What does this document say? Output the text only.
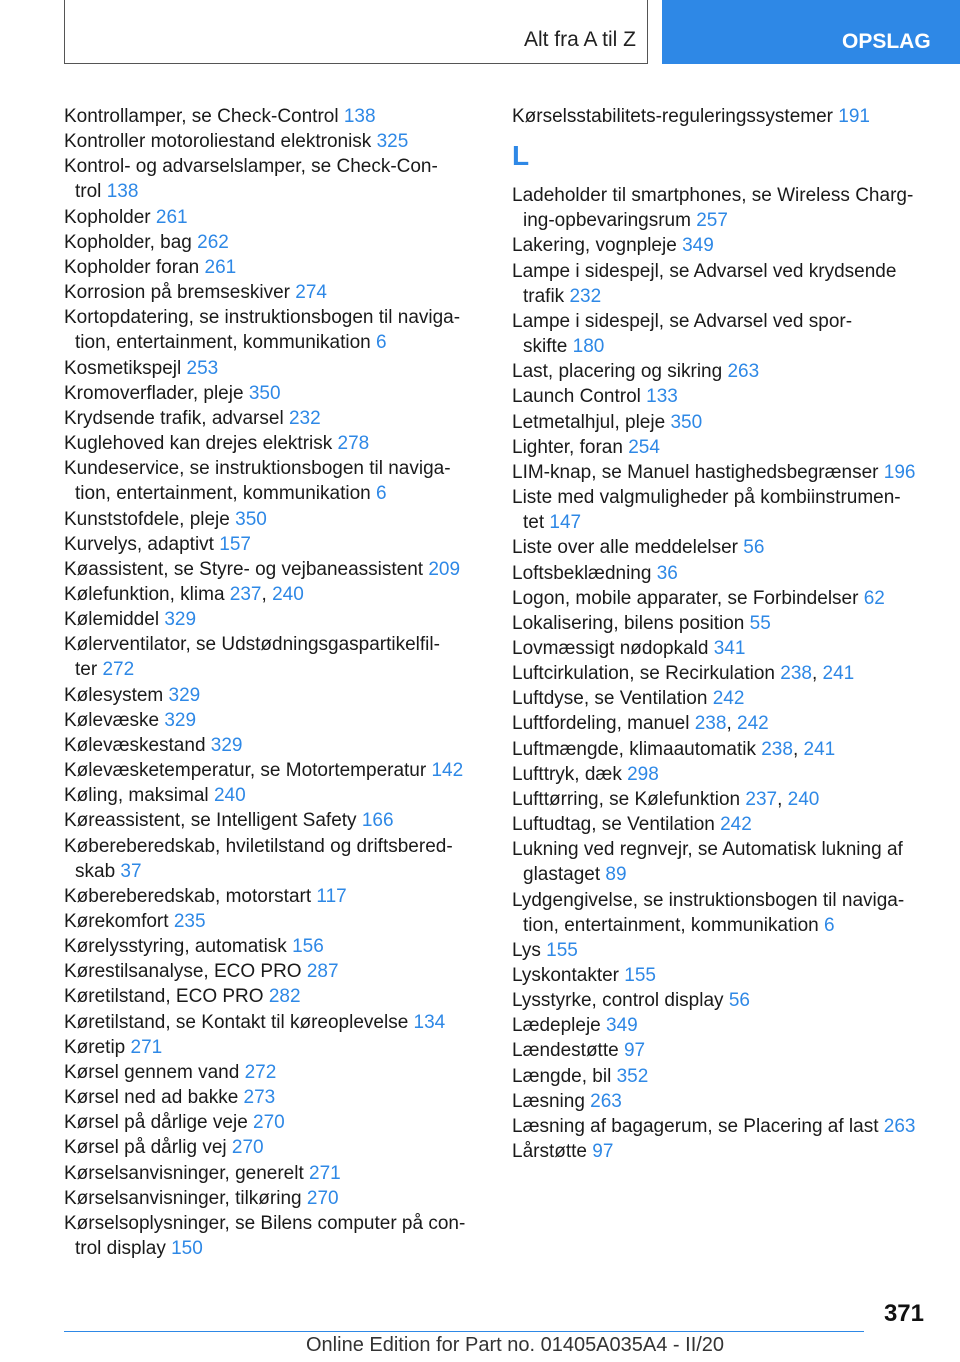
Alt fra A til Z	OPSLAG
Kontrollamper, se Check-Control 138
Kontroller motoroliestand elektronisk 325
Kontrol- og advarselslamper, se Check-Con-
trol 138
Kopholder 261
Kopholder, bag 262
Kopholder foran 261
Korrosion på bremseskiver 274
Kortopdatering, se instruktionsbogen til naviga-
tion, entertainment, kommunikation 6
Kosmetikspejl 253
Kromoverflader, pleje 350
Krydsende trafik, advarsel 232
Kuglehoved kan drejes elektrisk 278
Kundeservice, se instruktionsbogen til naviga-
tion, entertainment, kommunikation 6
Kunststofdele, pleje 350
Kurvelys, adaptivt 157
Køassistent, se Styre- og vejbaneassistent 209
Kølefunktion, klima 237, 240
Kølemiddel 329
Kølerventilator, se Udstødningsgaspartikelfil-
ter 272
Kølesystem 329
Kølevæske 329
Kølevæskestand 329
Kølevæsketemperatur, se Motortemperatur 142
Køling, maksimal 240
Køreassistent, se Intelligent Safety 166
Købereberedskab, hviletilstand og driftsbered-
skab 37
Købereberedskab, motorstart 117
Kørekomfort 235
Kørelysstyring, automatisk 156
Kørestilsanalyse, ECO PRO 287
Køretilstand, ECO PRO 282
Køretilstand, se Kontakt til køreoplevelse 134
Køretip 271
Kørsel gennem vand 272
Kørsel ned ad bakke 273
Kørsel på dårlige veje 270
Kørsel på dårlig vej 270
Kørselsanvisninger, generelt 271
Kørselsanvisninger, tilkøring 270
Kørselsoplysninger, se Bilens computer på con-
trol display 150
Kørselsstabilitets-reguleringssystemer 191
L
Ladeholder til smartphones, se Wireless Charg-
ing-opbevaringsrum 257
Lakering, vognpleje 349
Lampe i sidespejl, se Advarsel ved krydsende
trafik 232
Lampe i sidespejl, se Advarsel ved spor-
skifte 180
Last, placering og sikring 263
Launch Control 133
Letmetalhjul, pleje 350
Lighter, foran 254
LIM-knap, se Manuel hastighedsbegrænser 196
Liste med valgmuligheder på kombiinstrumen-
tet 147
Liste over alle meddelelser 56
Loftsbeklædning 36
Logon, mobile apparater, se Forbindelser 62
Lokalisering, bilens position 55
Lovmæssigt nødopkald 341
Luftcirkulation, se Recirkulation 238, 241
Luftdyse, se Ventilation 242
Luftfordeling, manuel 238, 242
Luftmængde, klimaautomatik 238, 241
Lufttryk, dæk 298
Lufttørring, se Kølefunktion 237, 240
Luftudtag, se Ventilation 242
Lukning ved regnvejr, se Automatisk lukning af
glastaget 89
Lydgengivelse, se instruktionsbogen til naviga-
tion, entertainment, kommunikation 6
Lys 155
Lyskontakter 155
Lysstyrke, control display 56
Lædepleje 349
Lændestøtte 97
Længde, bil 352
Læsning 263
Læsning af bagagerum, se Placering af last 263
Lårstøtte 97
371
Online Edition for Part no. 01405A035A4 - II/20
